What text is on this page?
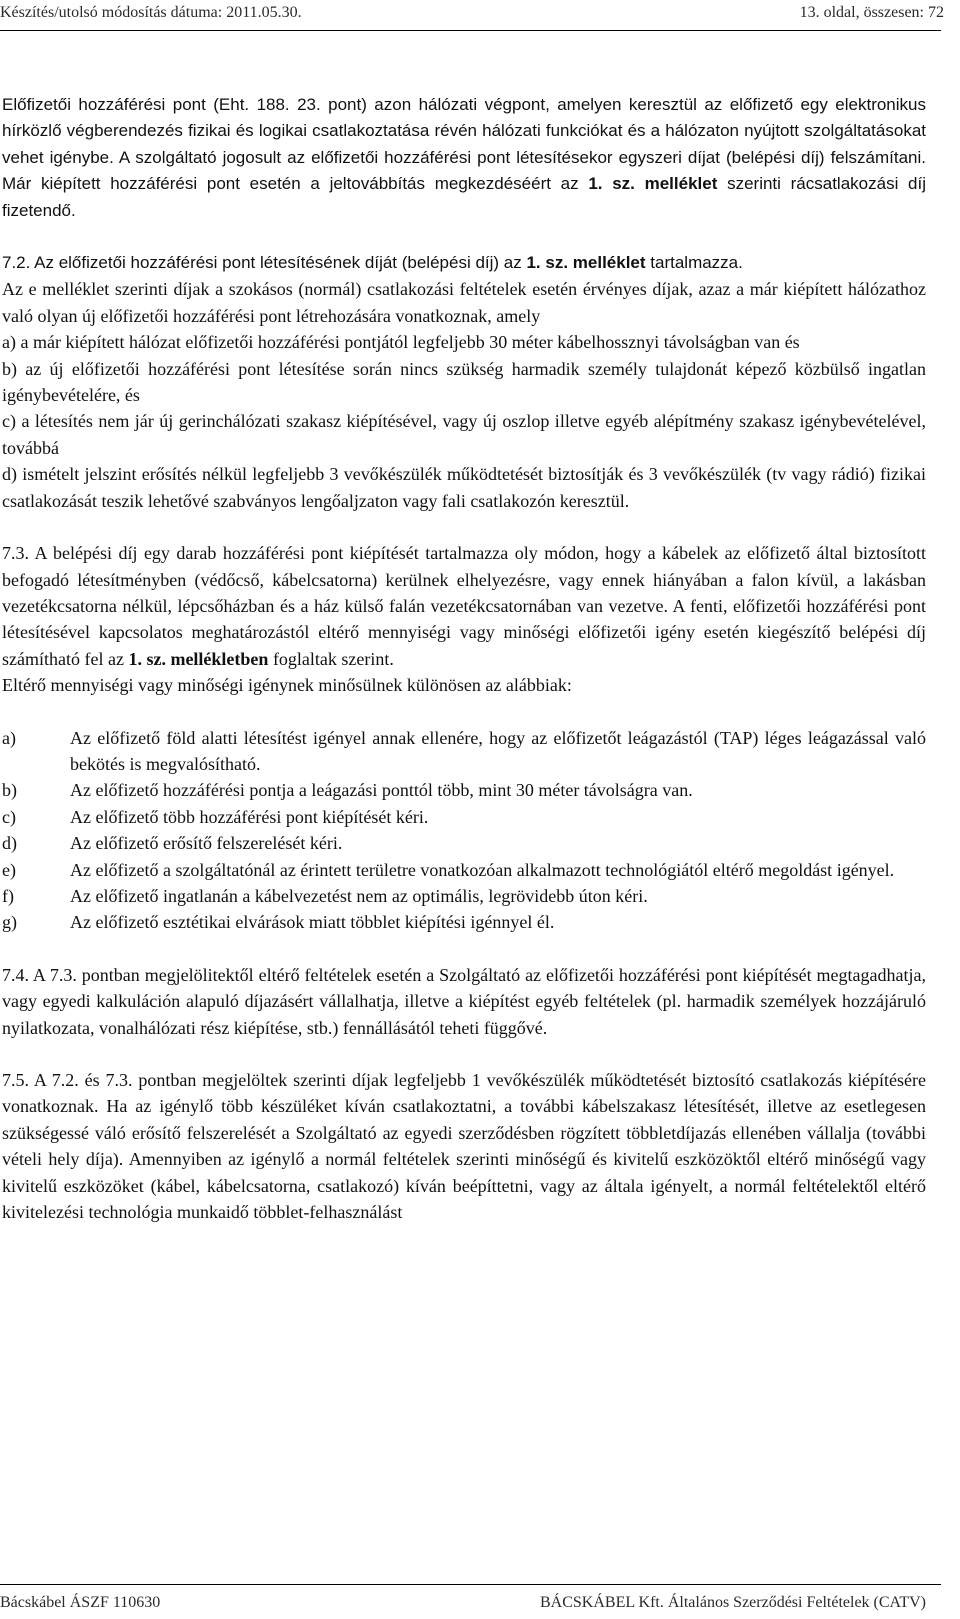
Készítés/utolsó módosítás dátuma: 2011.05.30.	13. oldal, összesen: 72

Előfizetői hozzáférési pont (Eht. 188. 23. pont) azon hálózati végpont, amelyen keresztül az előfizető egy elektronikus hírközlő végberendezés fizikai és logikai csatlakoztatása révén hálózati funkciókat és a hálózaton nyújtott szolgáltatásokat vehet igénybe. A szolgáltató jogosult az előfizetői hozzáférési pont létesítésekor egyszeri díjat (belépési díj) felszámítani. Már kiépített hozzáférési pont esetén a jeltovábbítás megkezdéséért az 1. sz. melléklet szerinti rácsatlakozási díj fizetendő.

7.2. Az előfizetői hozzáférési pont létesítésének díját (belépési díj) az 1. sz. melléklet tartalmazza.

Az e melléklet szerinti díjak a szokásos (normál) csatlakozási feltételek esetén érvényes díjak, azaz a már kiépített hálózathoz való olyan új előfizetői hozzáférési pont létrehozására vonatkoznak, amely

a) a már kiépített hálózat előfizetői hozzáférési pontjától legfeljebb 30 méter kábelhossznyi távolságban van és

b) az új előfizetői hozzáférési pont létesítése során nincs szükség harmadik személy tulajdonát képező közbülső ingatlan igénybevételére, és

c) a létesítés nem jár új gerinchálózati szakasz kiépítésével, vagy új oszlop illetve egyéb alépítmény szakasz igénybevételével, továbbá

d) ismételt jelszint erősítés nélkül legfeljebb 3 vevőkészülék működtetését biztosítják és 3 vevőkészülék (tv vagy rádió) fizikai csatlakozását teszik lehetővé szabványos lengőaljzaton vagy fali csatlakozón keresztül.

7.3. A belépési díj egy darab hozzáférési pont kiépítését tartalmazza oly módon, hogy a kábelek az előfizető által biztosított befogadó létesítményben (védőcső, kábelcsatorna) kerülnek elhelyezésre, vagy ennek hiányában a falon kívül, a lakásban vezetékcsatorna nélkül, lépcsőházban és a ház külső falán vezetékcsatornában van vezetve. A fenti, előfizetői hozzáférési pont létesítésével kapcsolatos meghatározástól eltérő mennyiségi vagy minőségi előfizetői igény esetén kiegészítő belépési díj számítható fel az 1. sz. mellékletben foglaltak szerint.

Eltérő mennyiségi vagy minőségi igénynek minősülnek különösen az alábbiak:

a)	Az előfizető föld alatti létesítést igényel annak ellenére, hogy az előfizetőt leágazástól (TAP) léges leágazással való bekötés is megvalósítható.
b)	Az előfizető hozzáférési pontja a leágazási ponttól több, mint 30 méter távolságra van.
c)	Az előfizető több hozzáférési pont kiépítését kéri.
d)	Az előfizető erősítő felszerelését kéri.
e)	Az előfizető a szolgáltatónál az érintett területre vonatkozóan alkalmazott technológiától eltérő megoldást igényel.
f)	Az előfizető ingatlanán a kábelvezetést nem az optimális, legrövidebb úton kéri.
g)	Az előfizető esztétikai elvárások miatt többlet kiépítési igénnyel él.

7.4. A 7.3. pontban megjelölitektől eltérő feltételek esetén a Szolgáltató az előfizetői hozzáférési pont kiépítését megtagadhatja, vagy egyedi kalkuláción alapuló díjazásért vállalhatja, illetve a kiépítést egyéb feltételek (pl. harmadik személyek hozzájáruló nyilatkozata, vonalhálózati rész kiépítése, stb.) fennállásától teheti függővé.

7.5. A 7.2. és 7.3. pontban megjelöltek szerinti díjak legfeljebb 1 vevőkészülék működtetését biztosító csatlakozás kiépítésére vonatkoznak. Ha az igénylő több készüléket kíván csatlakoztatni, a további kábelszakasz létesítését, illetve az esetlegesen szükségessé váló erősítő felszerelését a Szolgáltató az egyedi szerződésben rögzített többletdíjazás ellenében vállalja (további vételi hely díja). Amennyiben az igénylő a normál feltételek szerinti minőségű és kivitelű eszközöktől eltérő minőségű vagy kivitelű eszközöket (kábel, kábelcsatorna, csatlakozó) kíván beépíttetni, vagy az általa igényelt, a normál feltételektől eltérő kivitelezési technológia munkaidő többlet-felhasználást

Bácskábel ÁSZF 110630	BÁCSKÁBEL Kft. Általános Szerződési Feltételek (CATV)
